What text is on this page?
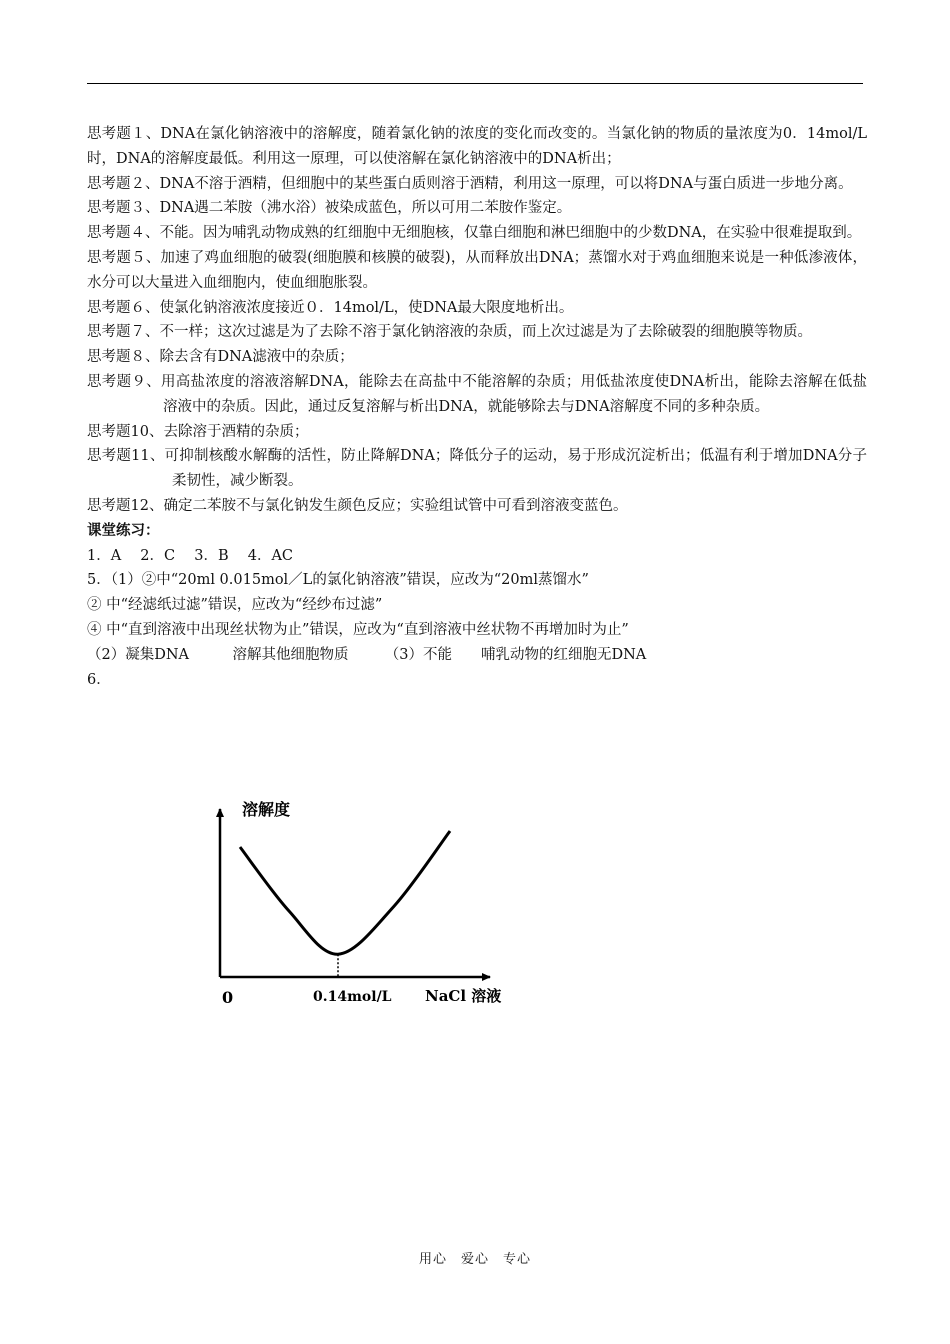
思考题１、DNA在氯化钠溶液中的溶解度，随着氯化钠的浓度的变化而改变的。当氯化钠的物质的量浓度为0．14mol/L时，DNA的溶解度最低。利用这一原理，可以使溶解在氯化钠溶液中的DNA析出；

思考题２、DNA不溶于酒精，但细胞中的某些蛋白质则溶于酒精，利用这一原理，可以将DNA与蛋白质进一步地分离。

思考题３、DNA遇二苯胺（沸水浴）被染成蓝色，所以可用二苯胺作鉴定。

思考题４、不能。因为哺乳动物成熟的红细胞中无细胞核，仅靠白细胞和淋巴细胞中的少数DNA，在实验中很难提取到。

思考题５、加速了鸡血细胞的破裂(细胞膜和核膜的破裂)，从而释放出DNA；蒸馏水对于鸡血细胞来说是一种低渗液体，水分可以大量进入血细胞内，使血细胞胀裂。

思考题６、使氯化钠溶液浓度接近０．14mol/L，使DNA最大限度地析出。

思考题７、不一样；这次过滤是为了去除不溶于氯化钠溶液的杂质，而上次过滤是为了去除破裂的细胞膜等物质。

思考题８、除去含有DNA滤液中的杂质；

思考题９、用高盐浓度的溶液溶解DNA，能除去在高盐中不能溶解的杂质；用低盐浓度使DNA析出，能除去溶解在低盐溶液中的杂质。因此，通过反复溶解与析出DNA，就能够除去与DNA溶解度不同的多种杂质。

思考题10、去除溶于酒精的杂质；

思考题11、可抑制核酸水解酶的活性，防止降解DNA；降低分子的运动，易于形成沉淀析出；低温有利于增加DNA分子柔韧性，减少断裂。

思考题12、确定二苯胺不与氯化钠发生颜色反应；实验组试管中可看到溶液变蓝色。

课堂练习：

1．A　 2．C　 3．B　 4．AC

5．（1）②中“20ml 0.015mol／L的氯化钠溶液”错误，应改为“20ml蒸馏水”

② 中“经滤纸过滤”错误，应改为“经纱布过滤”

④ 中“直到溶液中出现丝状物为止”错误，应改为“直到溶液中丝状物不再增加时为止”

（2）凝集DNA　　　溶解其他细胞物质　　　（3）不能　　哺乳动物的红细胞无DNA

6．

溶解度
0	0.14mol/L NaCl 溶液
用心　爱心　专心
